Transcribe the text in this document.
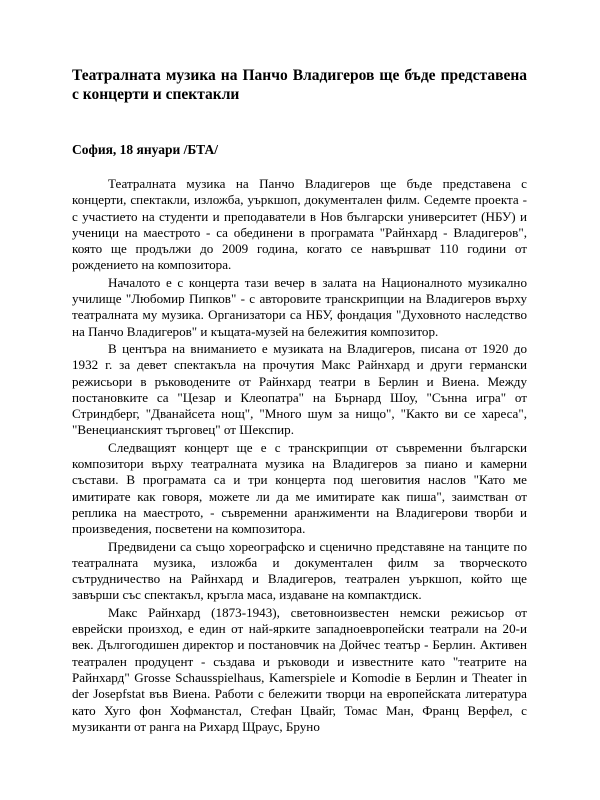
Театралната музика на Панчо Владигеров ще бъде представена с концерти и спектакли

София, 18 януари /БТА/

Театралната музика на Панчо Владигеров ще бъде представена с концерти, спектакли, изложба, уъркшоп, документален филм. Седемте проекта - с участието на студенти и преподаватели в Нов български университет (НБУ) и ученици на маестрото - са обединени в програмата "Райнхард - Владигеров", която ще продължи до 2009 година, когато се навършват 110 години от рождението на композитора.

Началото е с концерта тази вечер в залата на Националното музикално училище "Любомир Пипков" - с авторовите транскрипции на Владигеров върху театралната му музика. Организатори са НБУ, фондация "Духовното наследство на Панчо Владигеров" и къщата-музей на бележития композитор.

В центъра на вниманието е музиката на Владигеров, писана от 1920 до 1932 г. за девет спектакъла на прочутия Макс Райнхард и други германски режисьори в ръководените от Райнхард театри в Берлин и Виена. Между постановките са "Цезар и Клеопатра" на Бърнард Шоу, "Сънна игра" от Стриндберг, "Дванайсета нощ", "Много шум за нищо", "Както ви се хареса", "Венецианският търговец" от Шекспир.

Следващият концерт ще е с транскрипции от съвременни български композитори върху театралната музика на Владигеров за пиано и камерни състави. В програмата са и три концерта под шеговития наслов "Като ме имитирате как говоря, можете ли да ме имитирате как пиша", заимстван от реплика на маестрото, - съвременни аранжименти на Владигерови творби и произведения, посветени на композитора.

Предвидени са също хореографско и сценично представяне на танците по театралната музика, изложба и документален филм за творческото сътрудничество на Райнхард и Владигеров, театрален уъркшоп, който ще завърши със спектакъл, кръгла маса, издаване на компактдиск.

Макс Райнхард (1873-1943), световноизвестен немски режисьор от еврейски произход, е един от най-ярките западноевропейски театрали на 20-и век. Дългогодишен директор и постановчик на Дойчес театър - Берлин. Активен театрален продуцент - създава и ръководи и известните като "театрите на Райнхард" Grosse Schausspielhaus, Kamerspiele и Komodie в Берлин и Theater in der Josepfstat във Виена. Работи с бележити творци на европейската литература като Хуго фон Хофманстал, Стефан Цвайг, Томас Ман, Франц Верфел, с музиканти от ранга на Рихард Щраус, Бруно
